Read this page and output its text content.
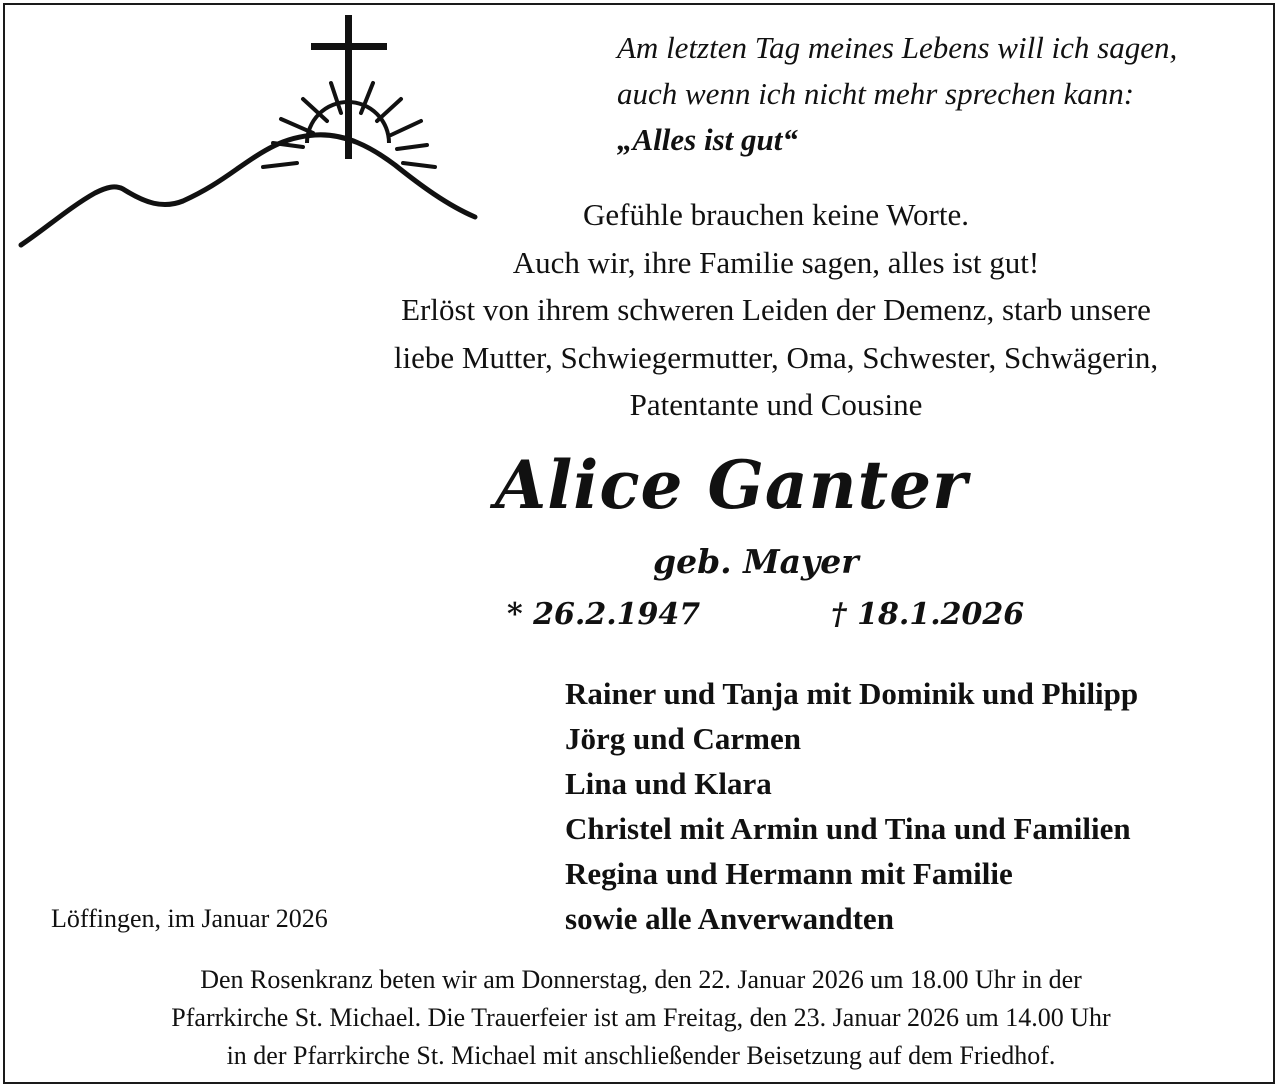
Am letzten Tag meines Lebens will ich sagen,
auch wenn ich nicht mehr sprechen kann:
„Alles ist gut“
Gefühle brauchen keine Worte.
Auch wir, ihre Familie sagen, alles ist gut!
Erlöst von ihrem schweren Leiden der Demenz, starb unsere
liebe Mutter, Schwiegermutter, Oma, Schwester, Schwägerin,
Patentante und Cousine
Alice Ganter
geb. Mayer
* 26.2.1947	† 18.1.2026
Rainer und Tanja mit Dominik und Philipp
Jörg und Carmen
Lina und Klara
Christel mit Armin und Tina und Familien
Regina und Hermann mit Familie
sowie alle Anverwandten
Löffingen, im Januar 2026
Den Rosenkranz beten wir am Donnerstag, den 22. Januar 2026 um 18.00 Uhr in der
Pfarrkirche St. Michael. Die Trauerfeier ist am Freitag, den 23. Januar 2026 um 14.00 Uhr
in der Pfarrkirche St. Michael mit anschließender Beisetzung auf dem Friedhof.
